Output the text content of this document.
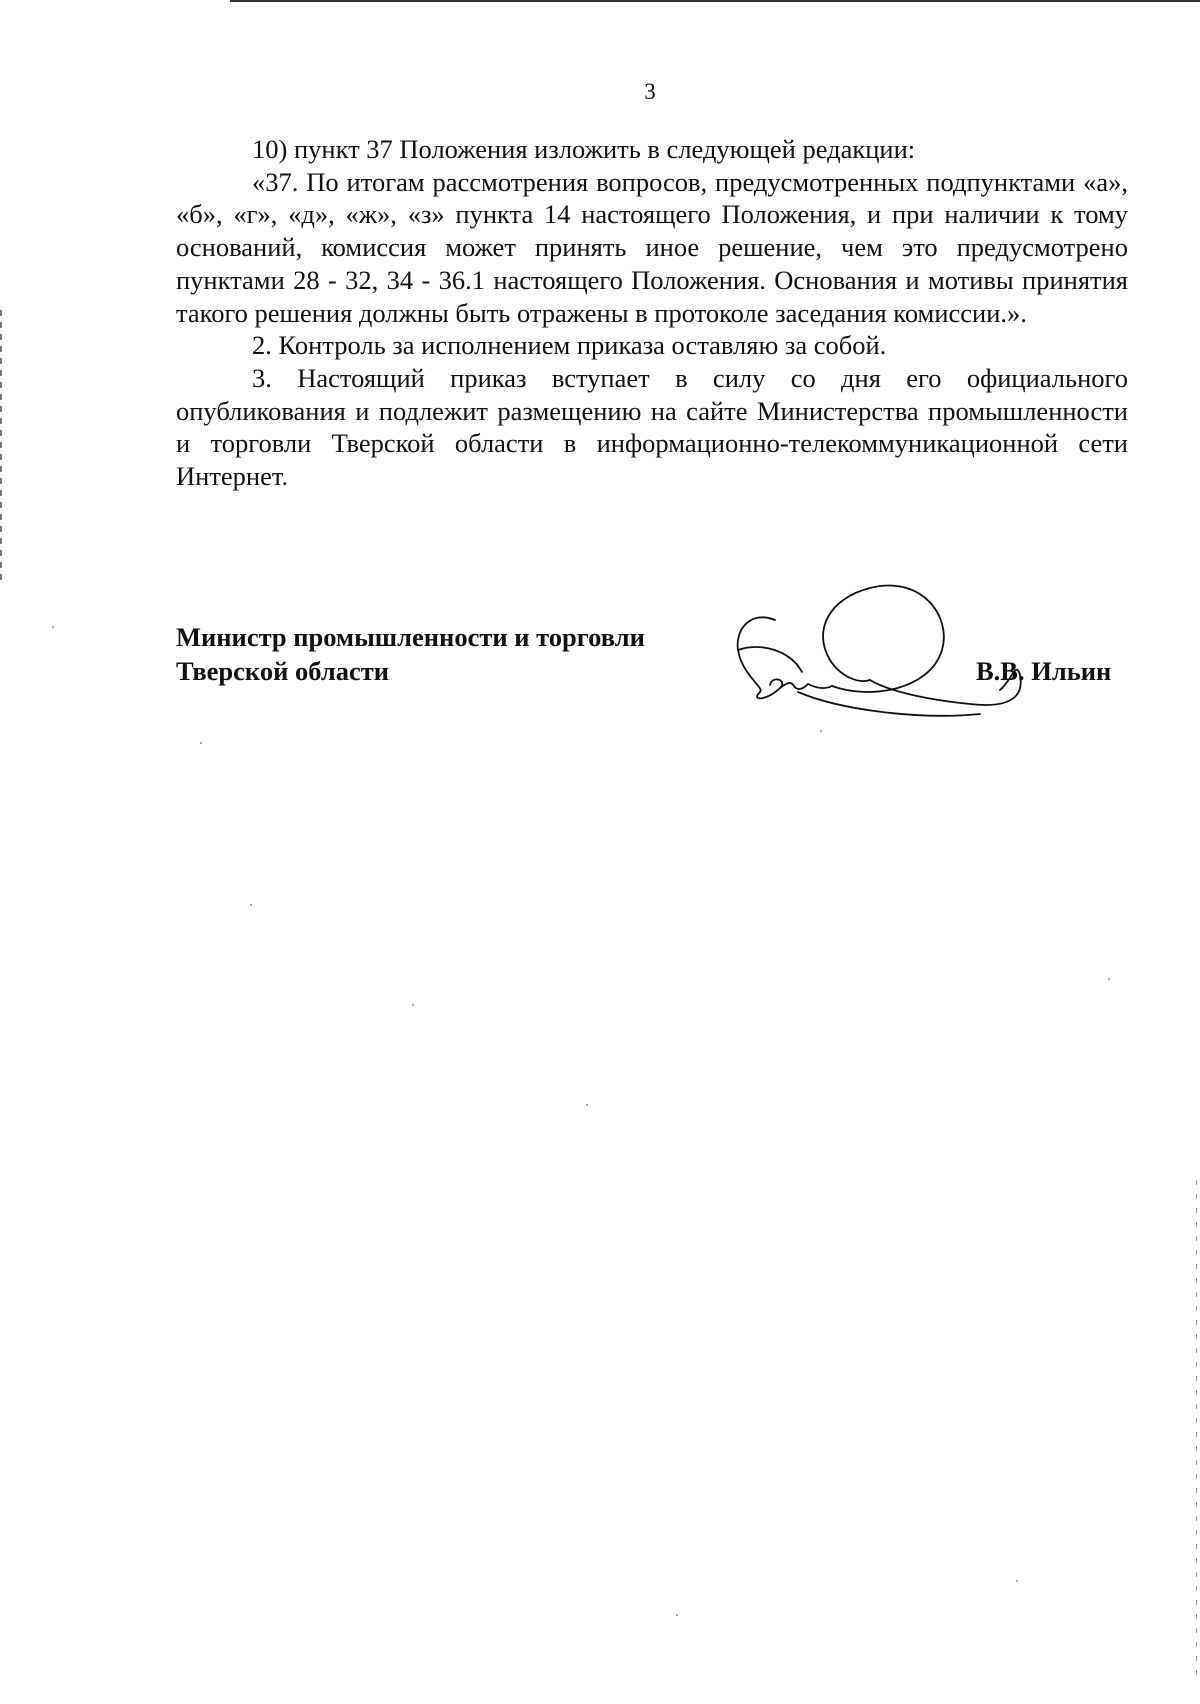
3

10) пункт 37 Положения изложить в следующей редакции:

«37. По итогам рассмотрения вопросов, предусмотренных подпунктами «а», «б», «г», «д», «ж», «з» пункта 14 настоящего Положения, и при наличии к тому оснований, комиссия может принять иное решение, чем это предусмотрено пунктами 28 - 32, 34 - 36.1 настоящего Положения. Основания и мотивы принятия такого решения должны быть отражены в протоколе заседания комиссии.».

2. Контроль за исполнением приказа оставляю за собой.

3. Настоящий приказ вступает в силу со дня его официального опубликования и подлежит размещению на сайте Министерства промышленности и торговли Тверской области в информационно-телекоммуникационной сети Интернет.

Министр промышленности и торговли
Тверской области	В.В. Ильин
